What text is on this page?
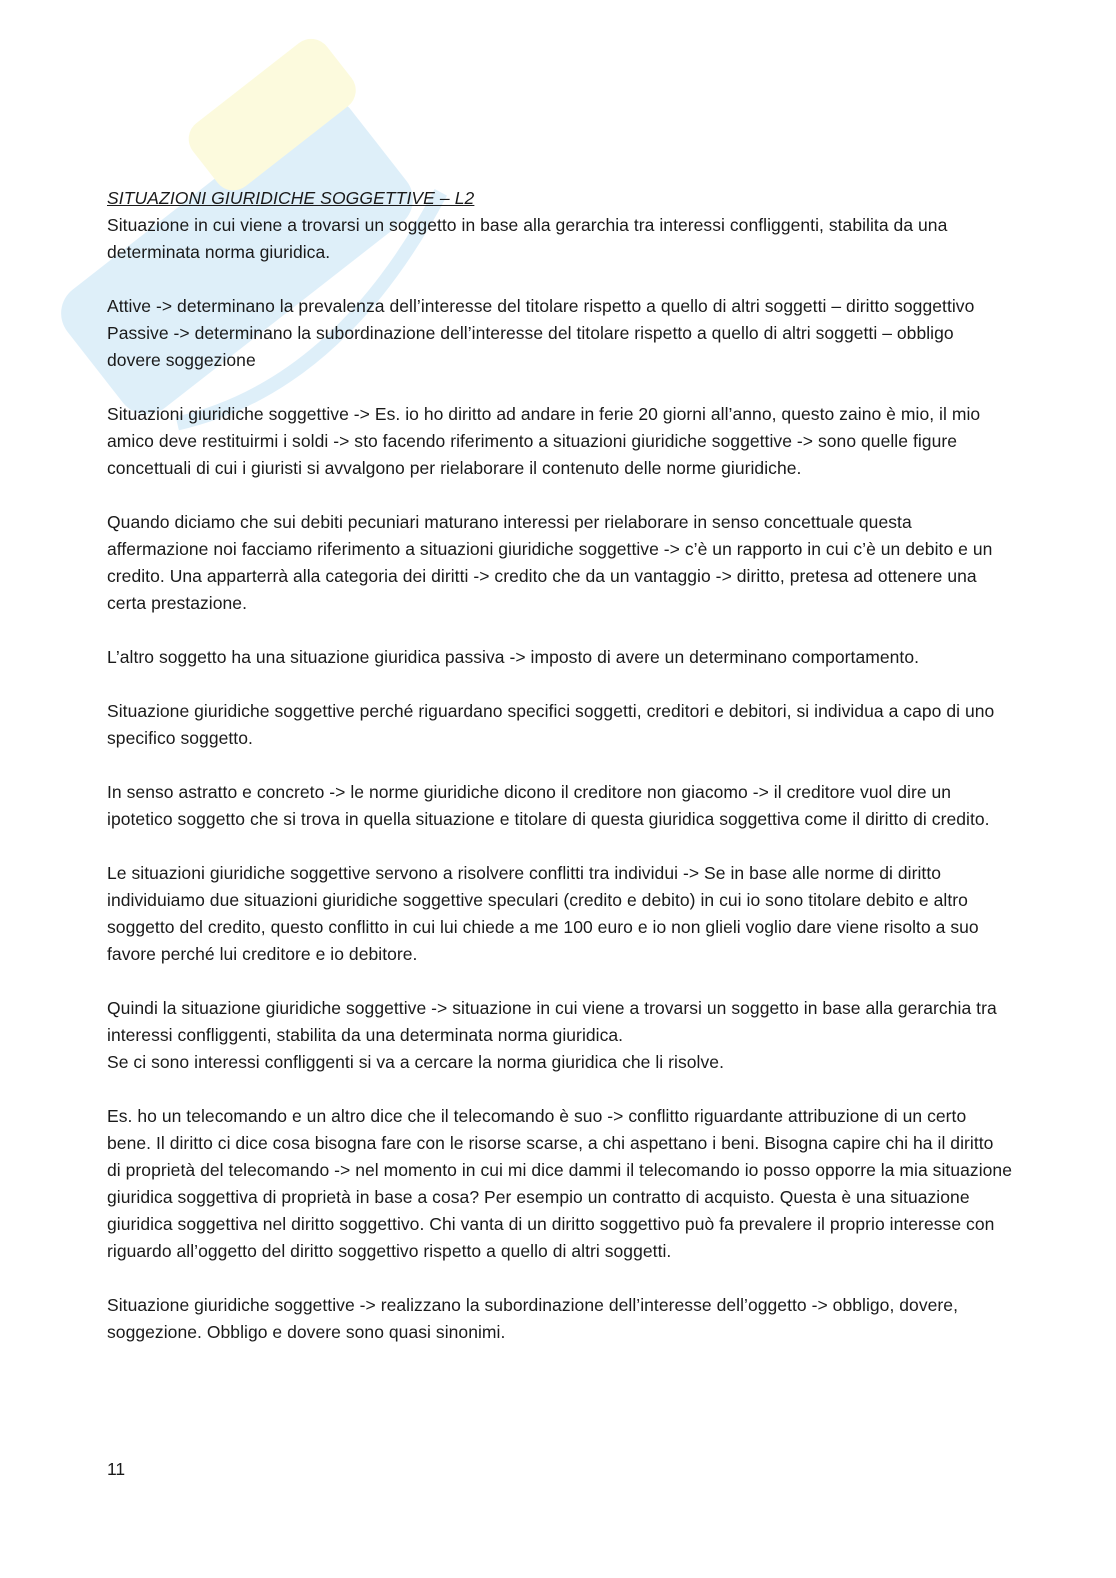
SITUAZIONI GIURIDICHE SOGGETTIVE – L2

Situazione in cui viene a trovarsi un soggetto in base alla gerarchia tra interessi confliggenti, stabilita da una determinata norma giuridica.

Attive -> determinano la prevalenza dell’interesse del titolare rispetto a quello di altri soggetti – diritto soggettivo

Passive -> determinano la subordinazione dell’interesse del titolare rispetto a quello di altri soggetti – obbligo dovere soggezione

Situazioni giuridiche soggettive -> Es. io ho diritto ad andare in ferie 20 giorni all’anno, questo zaino è mio, il mio amico deve restituirmi i soldi -> sto facendo riferimento a situazioni giuridiche soggettive -> sono quelle figure concettuali di cui i giuristi si avvalgono per rielaborare il contenuto delle norme giuridiche.

Quando diciamo che sui debiti pecuniari maturano interessi per rielaborare in senso concettuale questa affermazione noi facciamo riferimento a situazioni giuridiche soggettive -> c’è un rapporto in cui c’è un debito e un credito. Una apparterrà alla categoria dei diritti -> credito che da un vantaggio -> diritto, pretesa ad ottenere una certa prestazione.

L’altro soggetto ha una situazione giuridica passiva -> imposto di avere un determinano comportamento.

Situazione giuridiche soggettive perché riguardano specifici soggetti, creditori e debitori, si individua a capo di uno specifico soggetto.

In senso astratto e concreto -> le norme giuridiche dicono il creditore non giacomo -> il creditore vuol dire un ipotetico soggetto che si trova in quella situazione e titolare di questa giuridica soggettiva come il diritto di credito.

Le situazioni giuridiche soggettive servono a risolvere conflitti tra individui -> Se in base alle norme di diritto individuiamo due situazioni giuridiche soggettive speculari (credito e debito) in cui io sono titolare debito e altro soggetto del credito, questo conflitto in cui lui chiede a me 100 euro e io non glieli voglio dare viene risolto a suo favore perché lui creditore e io debitore.

Quindi la situazione giuridiche soggettive -> situazione in cui viene a trovarsi un soggetto in base alla gerarchia tra interessi confliggenti, stabilita da una determinata norma giuridica.

Se ci sono interessi confliggenti si va a cercare la norma giuridica che li risolve.

Es. ho un telecomando e un altro dice che il telecomando è suo -> conflitto riguardante attribuzione di un certo bene. Il diritto ci dice cosa bisogna fare con le risorse scarse, a chi aspettano i beni. Bisogna capire chi ha il diritto di proprietà del telecomando -> nel momento in cui mi dice dammi il telecomando io posso opporre la mia situazione giuridica soggettiva di proprietà in base a cosa? Per esempio un contratto di acquisto. Questa è una situazione giuridica soggettiva nel diritto soggettivo. Chi vanta di un diritto soggettivo può fa prevalere il proprio interesse con riguardo all’oggetto del diritto soggettivo rispetto a quello di altri soggetti.

Situazione giuridiche soggettive -> realizzano la subordinazione dell’interesse dell’oggetto -> obbligo, dovere, soggezione. Obbligo e dovere sono quasi sinonimi.

11
